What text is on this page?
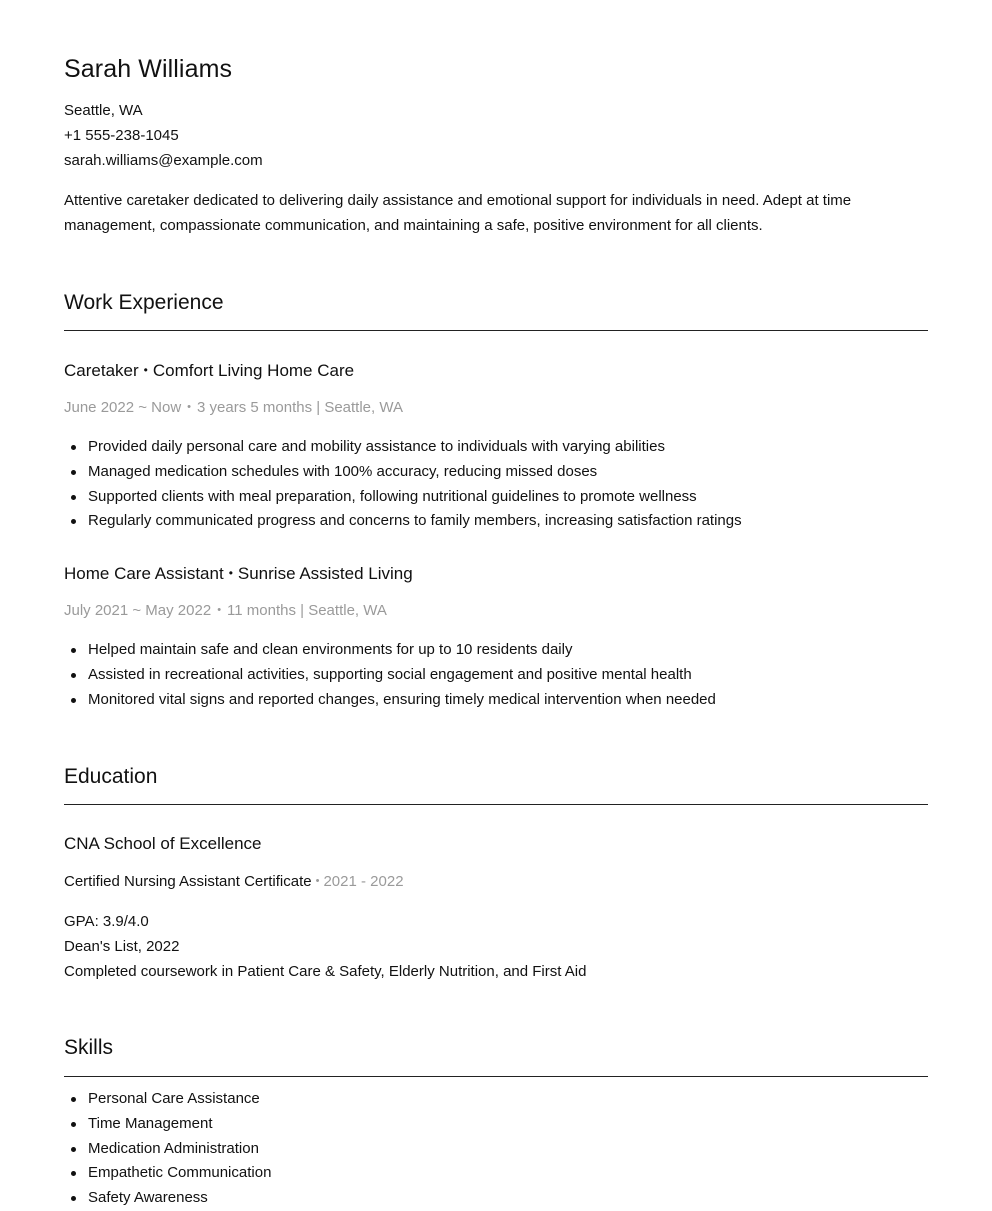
Sarah Williams
Seattle, WA
+1 555-238-1045
sarah.williams@example.com

Attentive caretaker dedicated to delivering daily assistance and emotional support for individuals in need. Adept at time management, compassionate communication, and maintaining a safe, positive environment for all clients.

Work Experience
Caretaker • Comfort Living Home Care
June 2022 ~ Now • 3 years 5 months | Seattle, WA
Provided daily personal care and mobility assistance to individuals with varying abilities
Managed medication schedules with 100% accuracy, reducing missed doses
Supported clients with meal preparation, following nutritional guidelines to promote wellness
Regularly communicated progress and concerns to family members, increasing satisfaction ratings
Home Care Assistant • Sunrise Assisted Living
July 2021 ~ May 2022 • 11 months | Seattle, WA
Helped maintain safe and clean environments for up to 10 residents daily
Assisted in recreational activities, supporting social engagement and positive mental health
Monitored vital signs and reported changes, ensuring timely medical intervention when needed
Education
CNA School of Excellence
Certified Nursing Assistant Certificate • 2021 - 2022
GPA: 3.9/4.0
Dean's List, 2022
Completed coursework in Patient Care & Safety, Elderly Nutrition, and First Aid
Skills
Personal Care Assistance
Time Management
Medication Administration
Empathetic Communication
Safety Awareness
